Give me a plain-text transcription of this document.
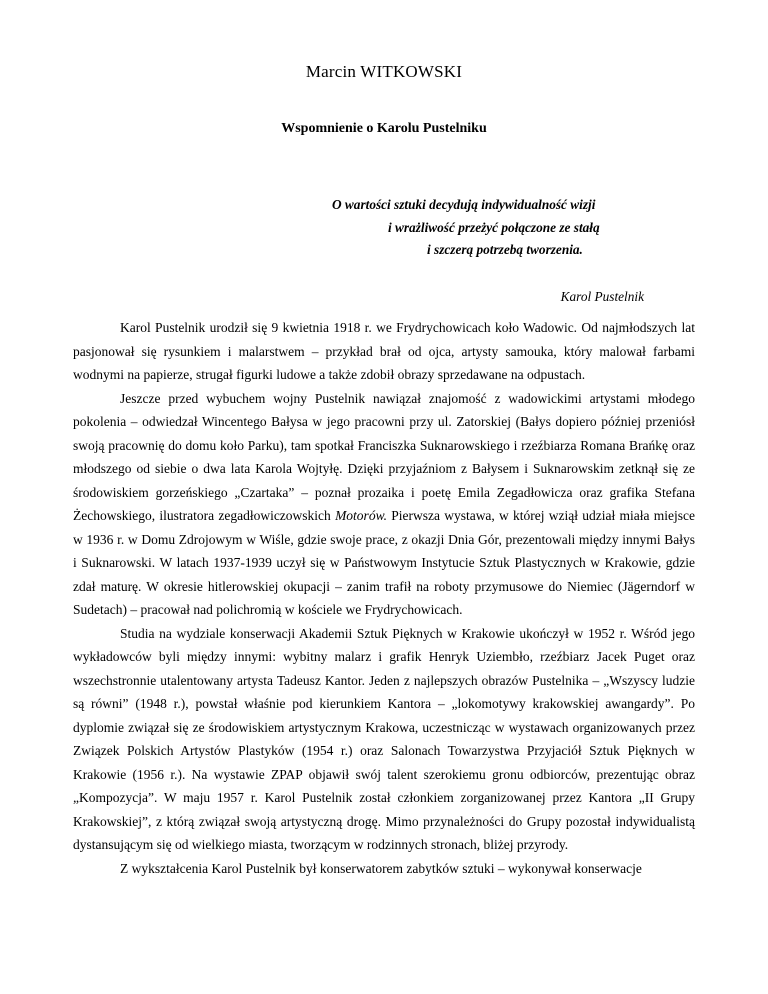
Marcin WITKOWSKI
Wspomnienie o Karolu Pustelniku
O wartości sztuki decydują indywidualność wizji
i wrażliwość przeżyć połączone ze stałą
i szczerą potrzebą tworzenia.
Karol Pustelnik

Karol Pustelnik urodził się 9 kwietnia 1918 r. we Frydrychowicach koło Wadowic. Od najmłodszych lat pasjonował się rysunkiem i malarstwem – przykład brał od ojca, artysty samouka, który malował farbami wodnymi na papierze, strugał figurki ludowe a także zdobił obrazy sprzedawane na odpustach.

Jeszcze przed wybuchem wojny Pustelnik nawiązał znajomość z wadowickimi artystami młodego pokolenia – odwiedzał Wincentego Bałysa w jego pracowni przy ul. Zatorskiej (Bałys dopiero później przeniósł swoją pracownię do domu koło Parku), tam spotkał Franciszka Suknarowskiego i rzeźbiarza Romana Brańkę oraz młodszego od siebie o dwa lata Karola Wojtyłę. Dzięki przyjaźniom z Bałysem i Suknarowskim zetknął się ze środowiskiem gorzeńskiego „Czartaka” – poznał prozaika i poetę Emila Zegadłowicza oraz grafika Stefana Żechowskiego, ilustratora zegadłowiczowskich Motorów. Pierwsza wystawa, w której wziął udział miała miejsce w 1936 r. w Domu Zdrojowym w Wiśle, gdzie swoje prace, z okazji Dnia Gór, prezentowali między innymi Bałys i Suknarowski. W latach 1937-1939 uczył się w Państwowym Instytucie Sztuk Plastycznych w Krakowie, gdzie zdał maturę. W okresie hitlerowskiej okupacji – zanim trafił na roboty przymusowe do Niemiec (Jägerndorf w Sudetach) – pracował nad polichromią w kościele we Frydrychowicach.

Studia na wydziale konserwacji Akademii Sztuk Pięknych w Krakowie ukończył w 1952 r. Wśród jego wykładowców byli między innymi: wybitny malarz i grafik Henryk Uziembło, rzeźbiarz Jacek Puget oraz wszechstronnie utalentowany artysta Tadeusz Kantor. Jeden z najlepszych obrazów Pustelnika – „Wszyscy ludzie są równi” (1948 r.), powstał właśnie pod kierunkiem Kantora – „lokomotywy krakowskiej awangardy”. Po dyplomie związał się ze środowiskiem artystycznym Krakowa, uczestnicząc w wystawach organizowanych przez Związek Polskich Artystów Plastyków (1954 r.) oraz Salonach Towarzystwa Przyjaciół Sztuk Pięknych w Krakowie (1956 r.). Na wystawie ZPAP objawił swój talent szerokiemu gronu odbiorców, prezentując obraz „Kompozycja”. W maju 1957 r. Karol Pustelnik został członkiem zorganizowanej przez Kantora „II Grupy Krakowskiej”, z którą związał swoją artystyczną drogę. Mimo przynależności do Grupy pozostał indywidualistą dystansującym się od wielkiego miasta, tworzącym w rodzinnych stronach, bliżej przyrody.

Z wykształcenia Karol Pustelnik był konserwatorem zabytków sztuki – wykonywał konserwacje
